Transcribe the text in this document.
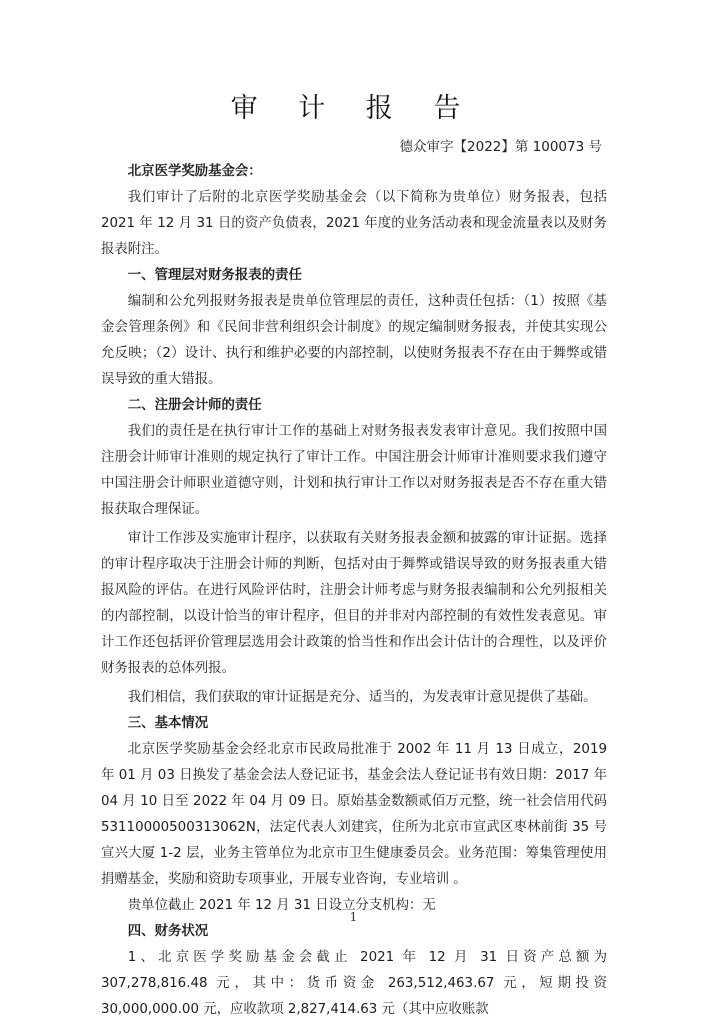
审 计 报 告
德众审字【2022】第 100073 号

北京医学奖励基金会：

我们审计了后附的北京医学奖励基金会（以下简称为贵单位）财务报表，包括 2021 年 12 月 31 日的资产负债表，2021 年度的业务活动表和现金流量表以及财务报表附注。

一、管理层对财务报表的责任

编制和公允列报财务报表是贵单位管理层的责任，这种责任包括：（1）按照《基金会管理条例》和《民间非营利组织会计制度》的规定编制财务报表，并使其实现公允反映；（2）设计、执行和维护必要的内部控制，以使财务报表不存在由于舞弊或错误导致的重大错报。

二、注册会计师的责任

我们的责任是在执行审计工作的基础上对财务报表发表审计意见。我们按照中国注册会计师审计准则的规定执行了审计工作。中国注册会计师审计准则要求我们遵守中国注册会计师职业道德守则，计划和执行审计工作以对财务报表是否不存在重大错报获取合理保证。

审计工作涉及实施审计程序，以获取有关财务报表金额和披露的审计证据。选择的审计程序取决于注册会计师的判断，包括对由于舞弊或错误导致的财务报表重大错报风险的评估。在进行风险评估时，注册会计师考虑与财务报表编制和公允列报相关的内部控制，以设计恰当的审计程序，但目的并非对内部控制的有效性发表意见。审计工作还包括评价管理层选用会计政策的恰当性和作出会计估计的合理性，以及评价财务报表的总体列报。

我们相信，我们获取的审计证据是充分、适当的，为发表审计意见提供了基础。

三、基本情况

北京医学奖励基金会经北京市民政局批准于 2002 年 11 月 13 日成立，2019 年 01 月 03 日换发了基金会法人登记证书，基金会法人登记证书有效日期：2017 年 04 月 10 日至 2022 年 04 月 09 日。原始基金数额贰佰万元整，统一社会信用代码 53110000500313062N，法定代表人刘建宾，住所为北京市宣武区枣林前街 35 号宣兴大厦 1-2 层，业务主管单位为北京市卫生健康委员会。业务范围：筹集管理使用捐赠基金，奖励和资助专项事业，开展专业咨询，专业培训 。

贵单位截止 2021 年 12 月 31 日设立分支机构：无

四、财务状况

1、北京医学奖励基金会截止 2021 年 12 月 31 日资产总额为 307,278,816.48 元，其中：货币资金 263,512,463.67 元，短期投资 30,000,000.00 元，应收款项 2,827,414.63 元（其中应收账款

1
